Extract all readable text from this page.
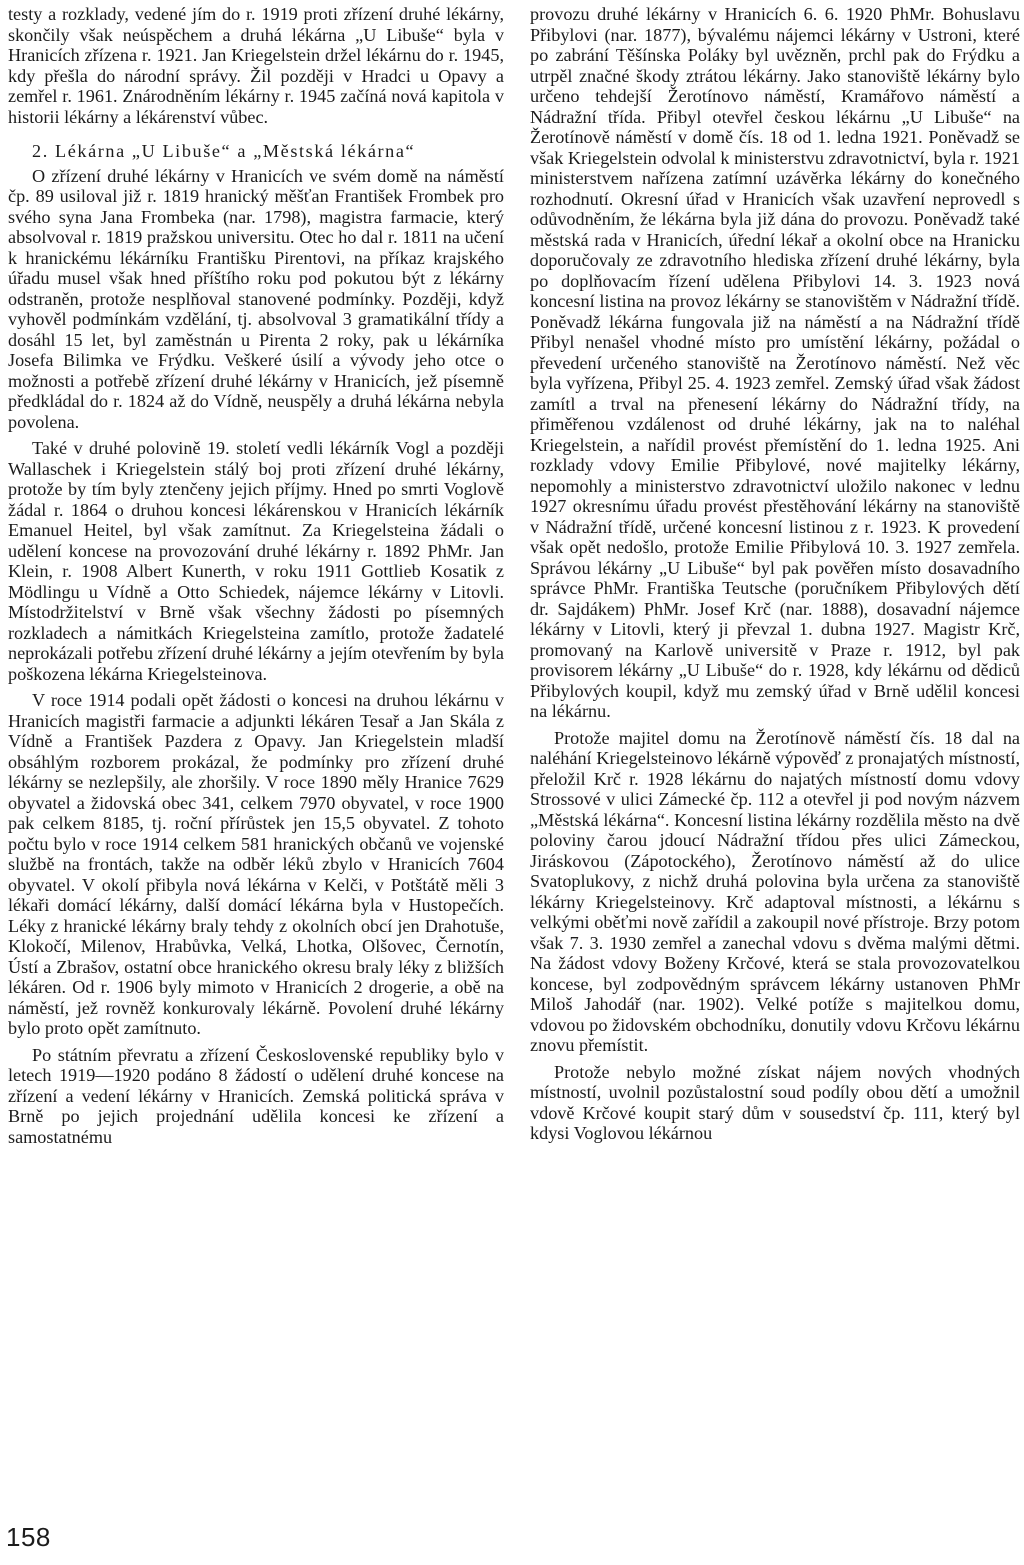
testy a rozklady, vedené jím do r. 1919 proti zřízení druhé lékárny, skončily však neúspěchem a druhá lékárna „U Libuše“ byla v Hranicích zřízena r. 1921. Jan Kriegelstein držel lékárnu do r. 1945, kdy přešla do národní správy. Žil později v Hradci u Opavy a zemřel r. 1961. Znárodněním lékárny r. 1945 začíná nová kapitola v historii lékárny a lékárenství vůbec.

2. Lékárna „U Libuše“ a „Městská lékárna“

O zřízení druhé lékárny v Hranicích ve svém domě na náměstí čp. 89 usiloval již r. 1819 hranický měšťan František Frombek pro svého syna Jana Frombeka (nar. 1798), magistra farmacie, který absolvoval r. 1819 pražskou universitu. Otec ho dal r. 1811 na učení k hranickému lékárníku Františku Pirentovi, na příkaz krajského úřadu musel však hned příštího roku pod pokutou být z lékárny odstraněn, protože nesplňoval stanovené podmínky. Později, když vyhověl podmínkám vzdělání, tj. absolvoval 3 gramatikální třídy a dosáhl 15 let, byl zaměstnán u Pirenta 2 roky, pak u lékárníka Josefa Bilimka ve Frýdku. Veškeré úsilí a vývody jeho otce o možnosti a potřebě zřízení druhé lékárny v Hranicích, jež písemně předkládal do r. 1824 až do Vídně, neuspěly a druhá lékárna nebyla povolena.

Také v druhé polovině 19. století vedli lékárník Vogl a později Wallaschek i Kriegelstein stálý boj proti zřízení druhé lékárny, protože by tím byly ztenčeny jejich příjmy. Hned po smrti Voglově žádal r. 1864 o druhou koncesi lékárenskou v Hranicích lékárník Emanuel Heitel, byl však zamítnut. Za Kriegelsteina žádali o udělení koncese na provozování druhé lékárny r. 1892 PhMr. Jan Klein, r. 1908 Albert Kunerth, v roku 1911 Gottlieb Kosatik z Mödlingu u Vídně a Otto Schiedek, nájemce lékárny v Litovli. Místodržitelství v Brně však všechny žádosti po písemných rozkladech a námitkách Kriegelsteina zamítlo, protože žadatelé neprokázali potřebu zřízení druhé lékárny a jejím otevřením by byla poškozena lékárna Kriegelsteinova.

V roce 1914 podali opět žádosti o koncesi na druhou lékárnu v Hranicích magistři farmacie a adjunkti lékáren Tesař a Jan Skála z Vídně a František Pazdera z Opavy. Jan Kriegelstein mladší obsáhlým rozborem prokázal, že podmínky pro zřízení druhé lékárny se nezlepšily, ale zhoršily. V roce 1890 měly Hranice 7629 obyvatel a židovská obec 341, celkem 7970 obyvatel, v roce 1900 pak celkem 8185, tj. roční přírůstek jen 15,5 obyvatel. Z tohoto počtu bylo v roce 1914 celkem 581 hranických občanů ve vojenské službě na frontách, takže na odběr léků zbylo v Hranicích 7604 obyvatel. V okolí přibyla nová lékárna v Kelči, v Potštátě měli 3 lékaři domácí lékárny, další domácí lékárna byla v Hustopečích. Léky z hranické lékárny braly tehdy z okolních obcí jen Drahotuše, Klokočí, Milenov, Hrabůvka, Velká, Lhotka, Olšovec, Černotín, Ústí a Zbrašov, ostatní obce hranického okresu braly léky z bližších lékáren. Od r. 1906 byly mimoto v Hranicích 2 drogerie, a obě na náměstí, jež rovněž konkurovaly lékárně. Povolení druhé lékárny bylo proto opět zamítnuto.

Po státním převratu a zřízení Československé republiky bylo v letech 1919—1920 podáno 8 žádostí o udělení druhé koncese na zřízení a vedení lékárny v Hranicích. Zemská politická správa v Brně po jejich projednání udělila koncesi ke zřízení a samostatnému

provozu druhé lékárny v Hranicích 6. 6. 1920 PhMr. Bohuslavu Přibylovi (nar. 1877), bývalému nájemci lékárny v Ustroni, které po zabrání Těšínska Poláky byl uvězněn, prchl pak do Frýdku a utrpěl značné škody ztrátou lékárny. Jako stanoviště lékárny bylo určeno tehdejší Žerotínovo náměstí, Kramářovo náměstí a Nádražní třída. Přibyl otevřel českou lékárnu „U Libuše“ na Žerotínově náměstí v domě čís. 18 od 1. ledna 1921. Poněvadž se však Kriegelstein odvolal k ministerstvu zdravotnictví, byla r. 1921 ministerstvem nařízena zatímní uzávěrka lékárny do konečného rozhodnutí. Okresní úřad v Hranicích však uzavření neprovedl s odůvodněním, že lékárna byla již dána do provozu. Poněvadž také městská rada v Hranicích, úřední lékař a okolní obce na Hranicku doporučovaly ze zdravotního hlediska zřízení druhé lékárny, byla po doplňovacím řízení udělena Přibylovi 14. 3. 1923 nová koncesní listina na provoz lékárny se stanovištěm v Nádražní třídě. Poněvadž lékárna fungovala již na náměstí a na Nádražní třídě Přibyl nenašel vhodné místo pro umístění lékárny, požádal o převedení určeného stanoviště na Žerotínovo náměstí. Než věc byla vyřízena, Přibyl 25. 4. 1923 zemřel. Zemský úřad však žádost zamítl a trval na přenesení lékárny do Nádražní třídy, na přiměřenou vzdálenost od druhé lékárny, jak na to naléhal Kriegelstein, a nařídil provést přemístění do 1. ledna 1925. Ani rozklady vdovy Emilie Přibylové, nové majitelky lékárny, nepomohly a ministerstvo zdravotnictví uložilo nakonec v lednu 1927 okresnímu úřadu provést přestěhování lékárny na stanoviště v Nádražní třídě, určené koncesní listinou z r. 1923. K provedení však opět nedošlo, protože Emilie Přibylová 10. 3. 1927 zemřela. Správou lékárny „U Libuše“ byl pak pověřen místo dosavadního správce PhMr. Františka Teutsche (poručníkem Přibylových dětí dr. Sajdákem) PhMr. Josef Krč (nar. 1888), dosavadní nájemce lékárny v Litovli, který ji převzal 1. dubna 1927. Magistr Krč, promovaný na Karlově universitě v Praze r. 1912, byl pak provisorem lékárny „U Libuše“ do r. 1928, kdy lékárnu od dědiců Přibylových koupil, když mu zemský úřad v Brně udělil koncesi na lékárnu.

Protože majitel domu na Žerotínově náměstí čís. 18 dal na naléhání Kriegelsteinovo lékárně výpověď z pronajatých místností, přeložil Krč r. 1928 lékárnu do najatých místností domu vdovy Strossové v ulici Zámecké čp. 112 a otevřel ji pod novým názvem „Městská lékárna“. Koncesní listina lékárny rozdělila město na dvě poloviny čarou jdoucí Nádražní třídou přes ulici Zámeckou, Jiráskovou (Zápotockého), Žerotínovo náměstí až do ulice Svatoplukovy, z nichž druhá polovina byla určena za stanoviště lékárny Kriegelsteinovy. Krč adaptoval místnosti, a lékárnu s velkými oběťmi nově zařídil a zakoupil nové přístroje. Brzy potom však 7. 3. 1930 zemřel a zanechal vdovu s dvěma malými dětmi. Na žádost vdovy Boženy Krčové, která se stala provozovatelkou koncese, byl zodpovědným správcem lékárny ustanoven PhMr Miloš Jahodář (nar. 1902). Velké potíže s majitelkou domu, vdovou po židovském obchodníku, donutily vdovu Krčovu lékárnu znovu přemístit.

Protože nebylo možné získat nájem nových vhodných místností, uvolnil pozůstalostní soud podíly obou dětí a umožnil vdově Krčové koupit starý dům v sousedství čp. 111, který byl kdysi Voglovou lékárnou

158
